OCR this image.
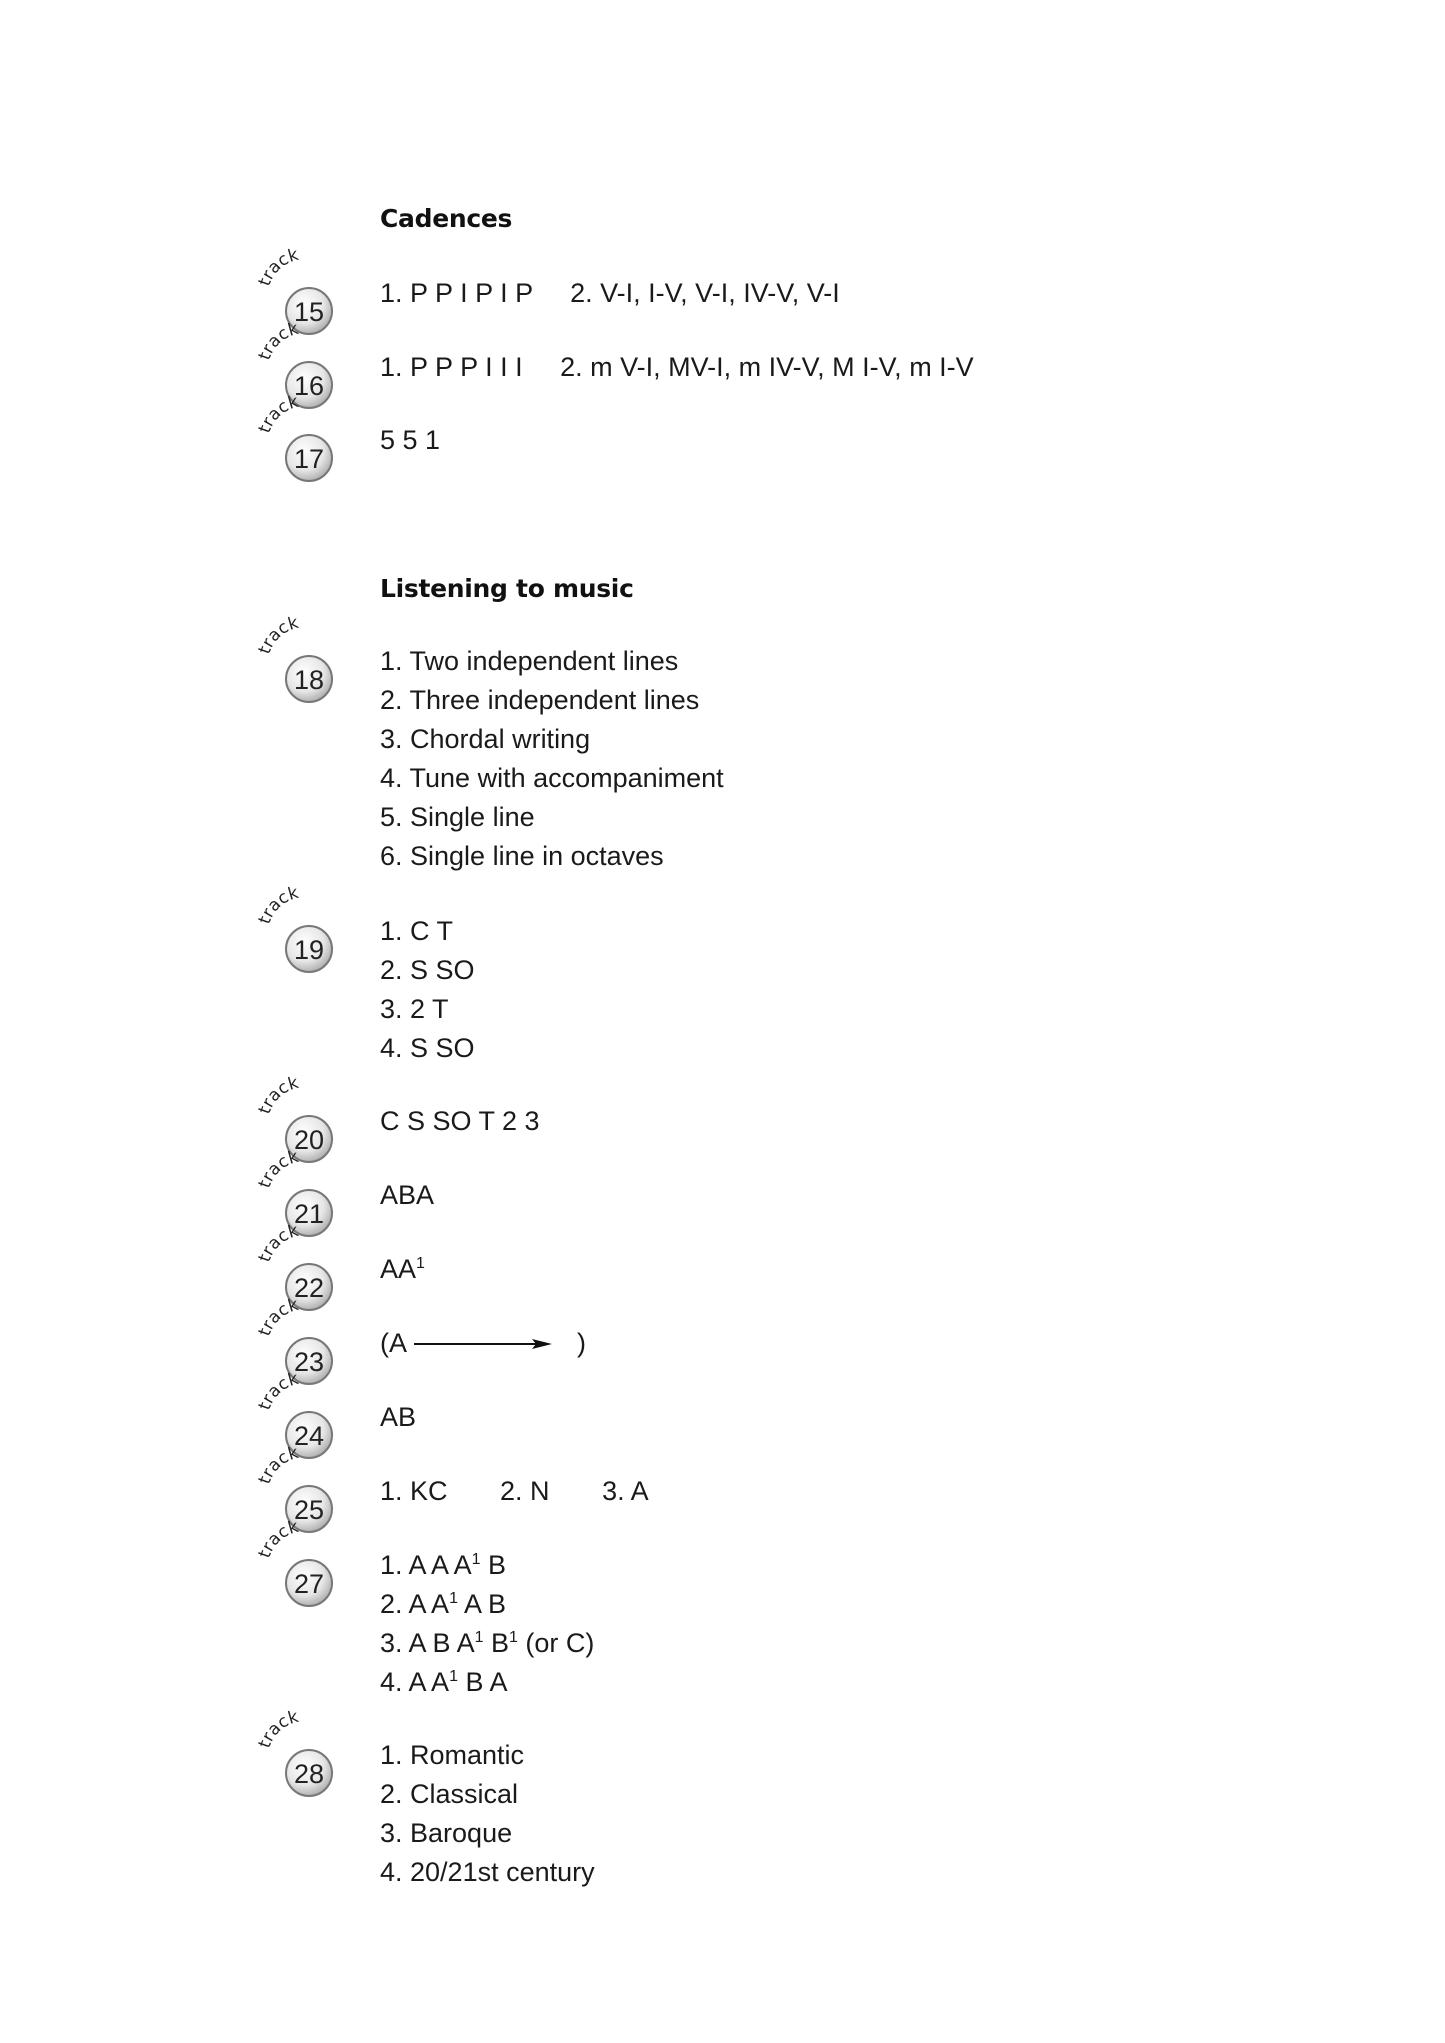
Cadences
Listening to music
track
15
1. P P I P I P     2. V-I, I-V, V-I, IV-V, V-I
track
16
1. P P P I I I     2. m V-I, MV-I, m IV-V, M I-V, m I-V
track
17
5 5 1
track
18
1. Two independent lines
2. Three independent lines
3. Chordal writing
4. Tune with accompaniment
5. Single line
6. Single line in octaves
track
19
1. C T
2. S SO
3. 2 T
4. S SO
track
20
C S SO T 2 3
track
21
ABA
track
22
$AA^1$
track
23
(A	)
track
24
AB
track
25
1. KC       2. N       3. A
track
27
1. A A $A^1$ B
2. A $A^1$ A B
3. A B $A^1$ $B^1$ (or C)
4. A $A^1$ B A
track
28
1. Romantic
2. Classical
3. Baroque
4. 20/21st century
